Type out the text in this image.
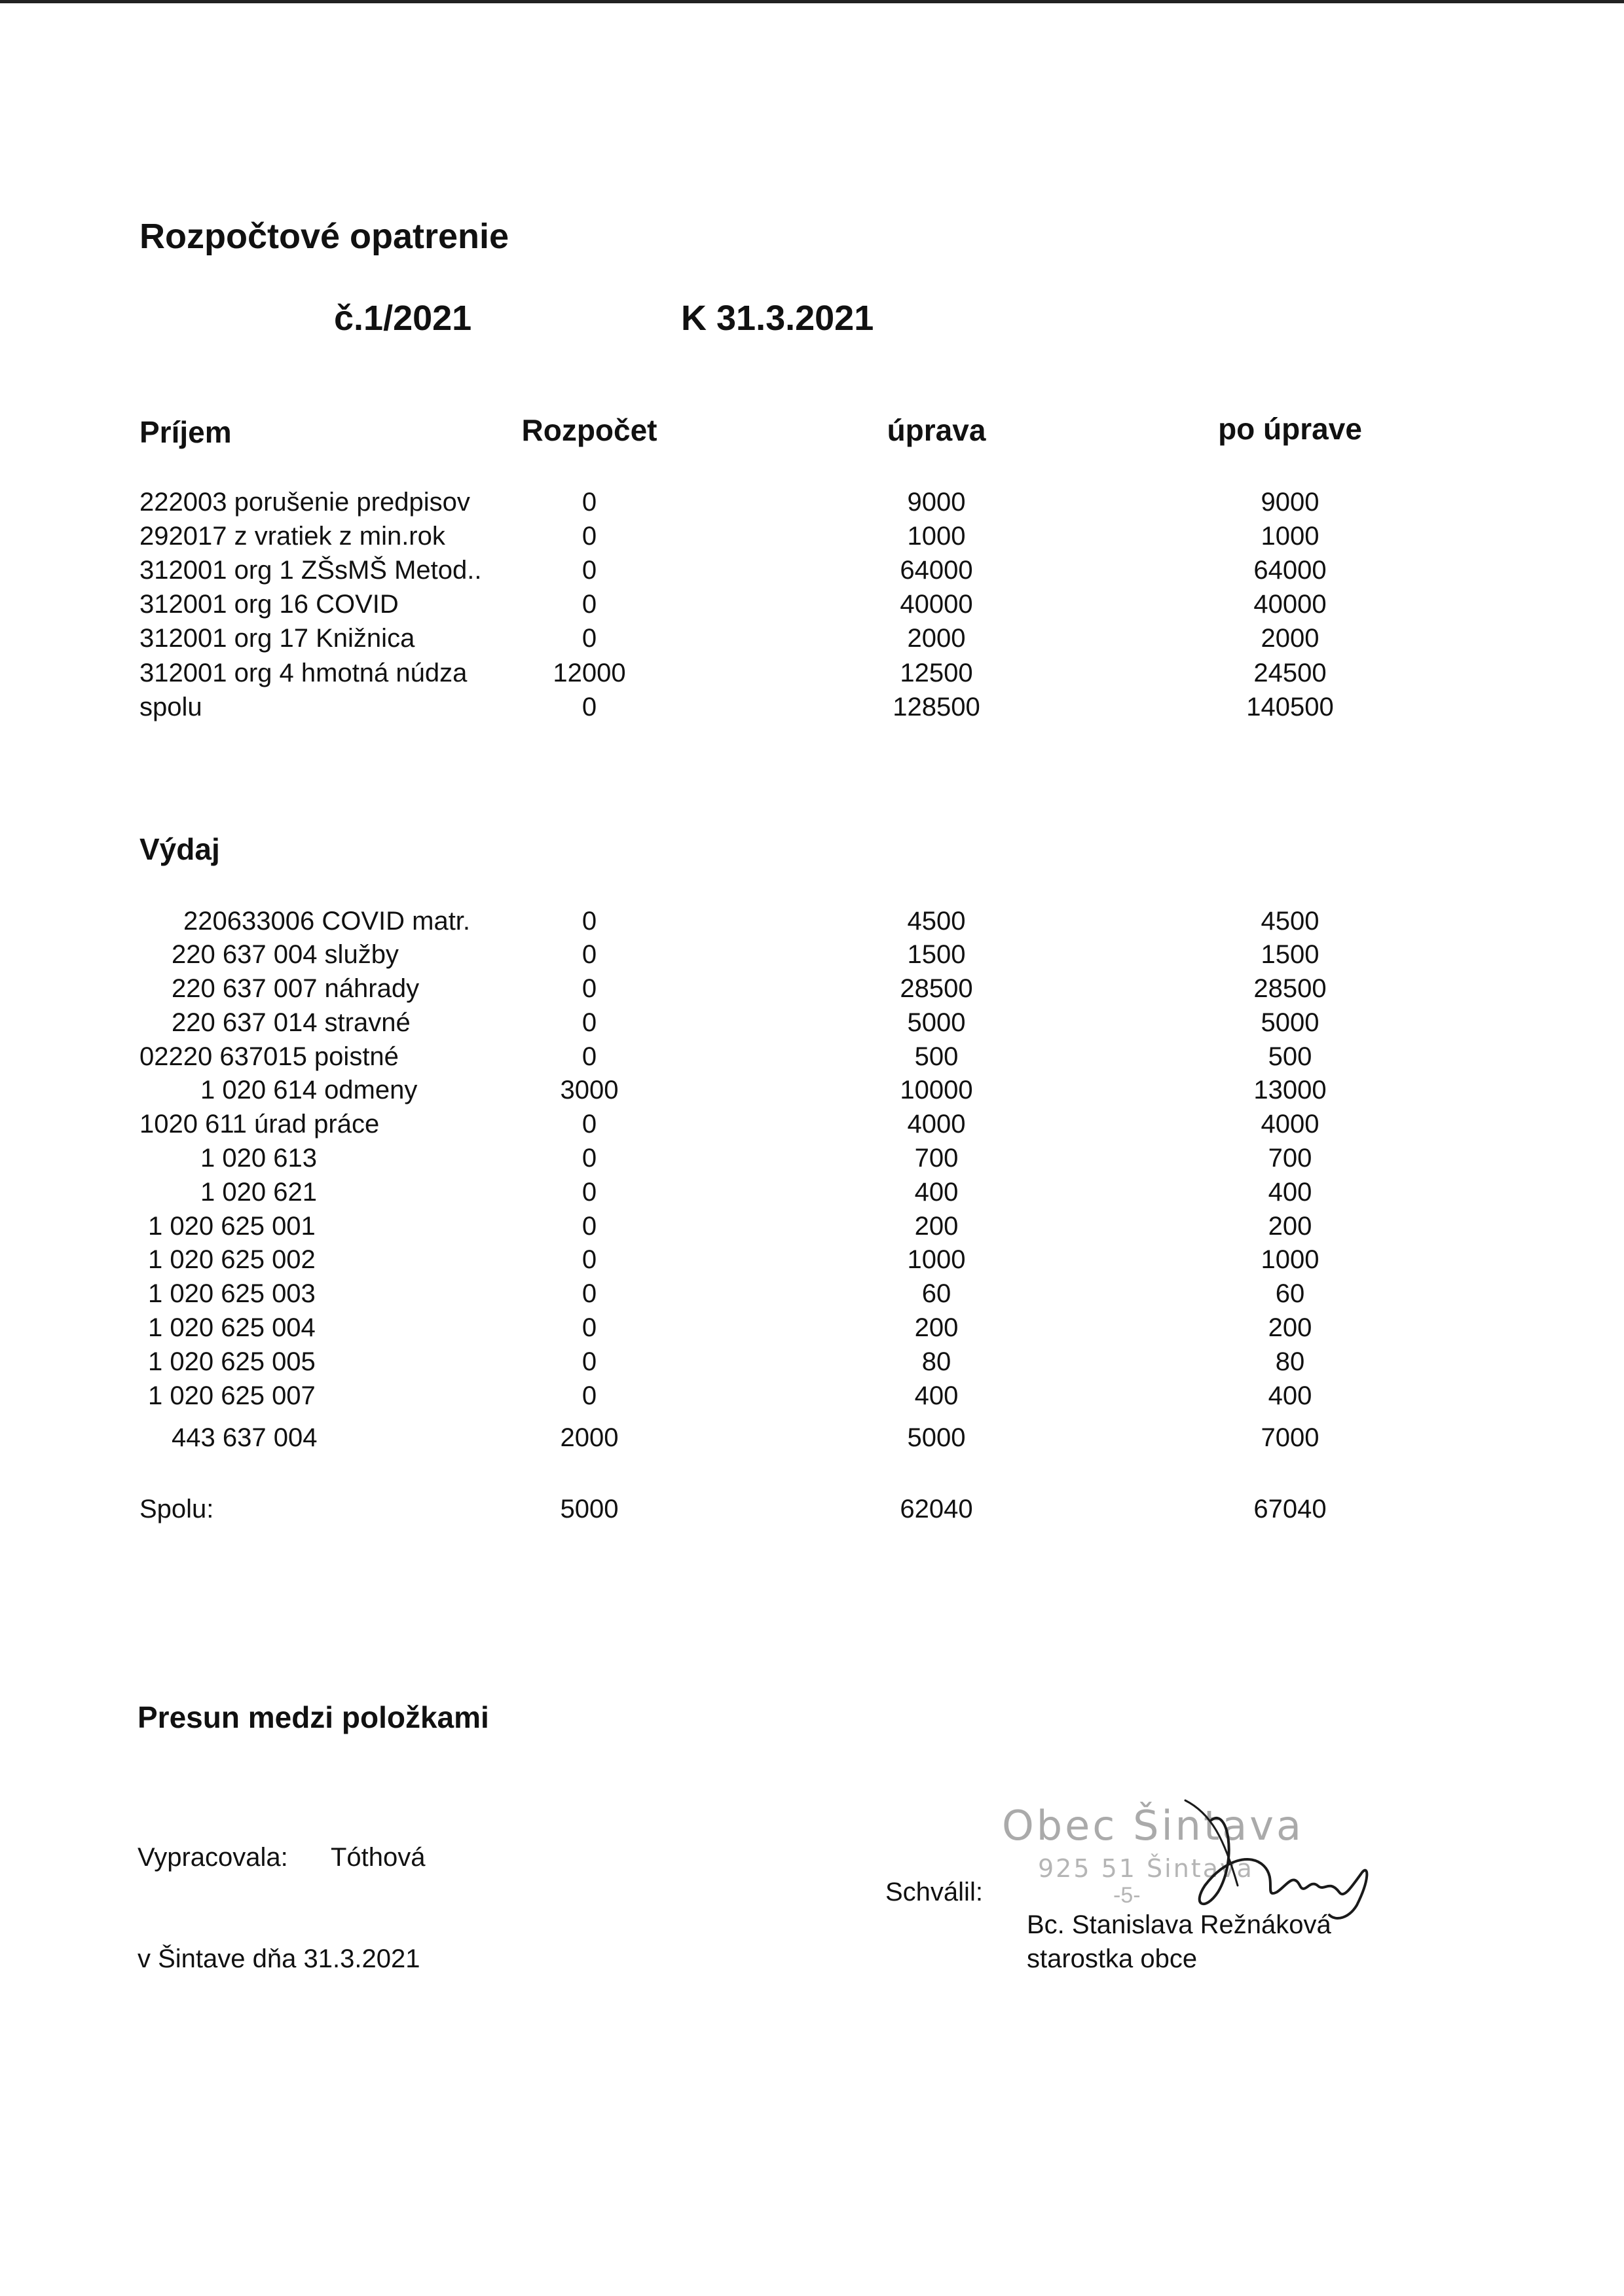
Rozpočtové opatrenie
č.1/2021	K 31.3.2021
Príjem	Rozpočet	úprava	po úprave
222003 porušenie predpisov	0	9000	9000
292017 z vratiek z min.rok	0	1000	1000
312001 org 1 ZŠsMŠ Metod..	0	64000	64000
312001 org 16 COVID	0	40000	40000
312001 org 17 Knižnica	0	2000	2000
312001 org 4 hmotná núdza	12000	12500	24500
spolu	0	128500	140500
Výdaj
220633006 COVID matr.	0	4500	4500
220 637 004 služby	0	1500	1500
220 637 007 náhrady	0	28500	28500
220 637 014 stravné	0	5000	5000
02220 637015 poistné	0	500	500
1 020 614 odmeny	3000	10000	13000
1020 611 úrad práce	0	4000	4000
1 020 613	0	700	700
1 020 621	0	400	400
1 020 625 001	0	200	200
1 020 625 002	0	1000	1000
1 020 625 003	0	60	60
1 020 625 004	0	200	200
1 020 625 005	0	80	80
1 020 625 007	0	400	400
443 637 004	2000	5000	7000
Spolu:	5000	62040	67040
Presun medzi položkami
Vypracovala: Tóthová
v Šintave dňa 31.3.2021
Schválil:
Obec Šintava
925 51 Šintava
-5-
Bc. Stanislava Režnáková
starostka obce
